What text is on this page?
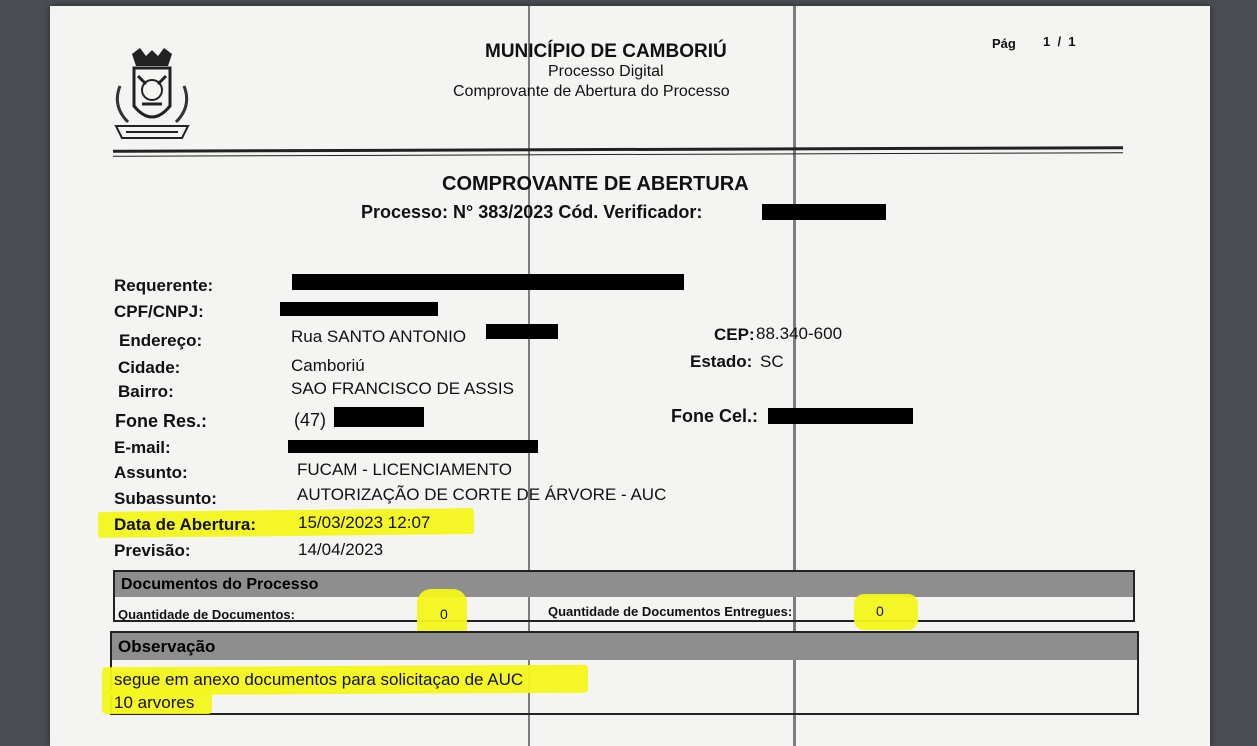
MUNICÍPIO DE CAMBORIÚ
Processo Digital
Comprovante de Abertura do Processo
Pág 1  /  1
COMPROVANTE DE ABERTURA
Processo: N° 383/2023 Cód. Verificador:
Requerente:
CPF/CNPJ:
Endereço:	Rua SANTO ANTONIO	CEP: 88.340-600
Cidade:	Camboriú	Estado: SC
Bairro:	SAO FRANCISCO DE ASSIS
Fone Res.:	(47)	Fone Cel.:
E-mail:
Assunto:	FUCAM - LICENCIAMENTO
Subassunto:	AUTORIZAÇÃO DE CORTE DE ÁRVORE - AUC
Data de Abertura: 15/03/2023 12:07
Previsão:	14/04/2023
Documentos do Processo
Quantidade de Documentos:	0	Quantidade de Documentos Entregues:	0
Observação
segue em anexo documentos para solicitaçao de AUC
10 arvores
